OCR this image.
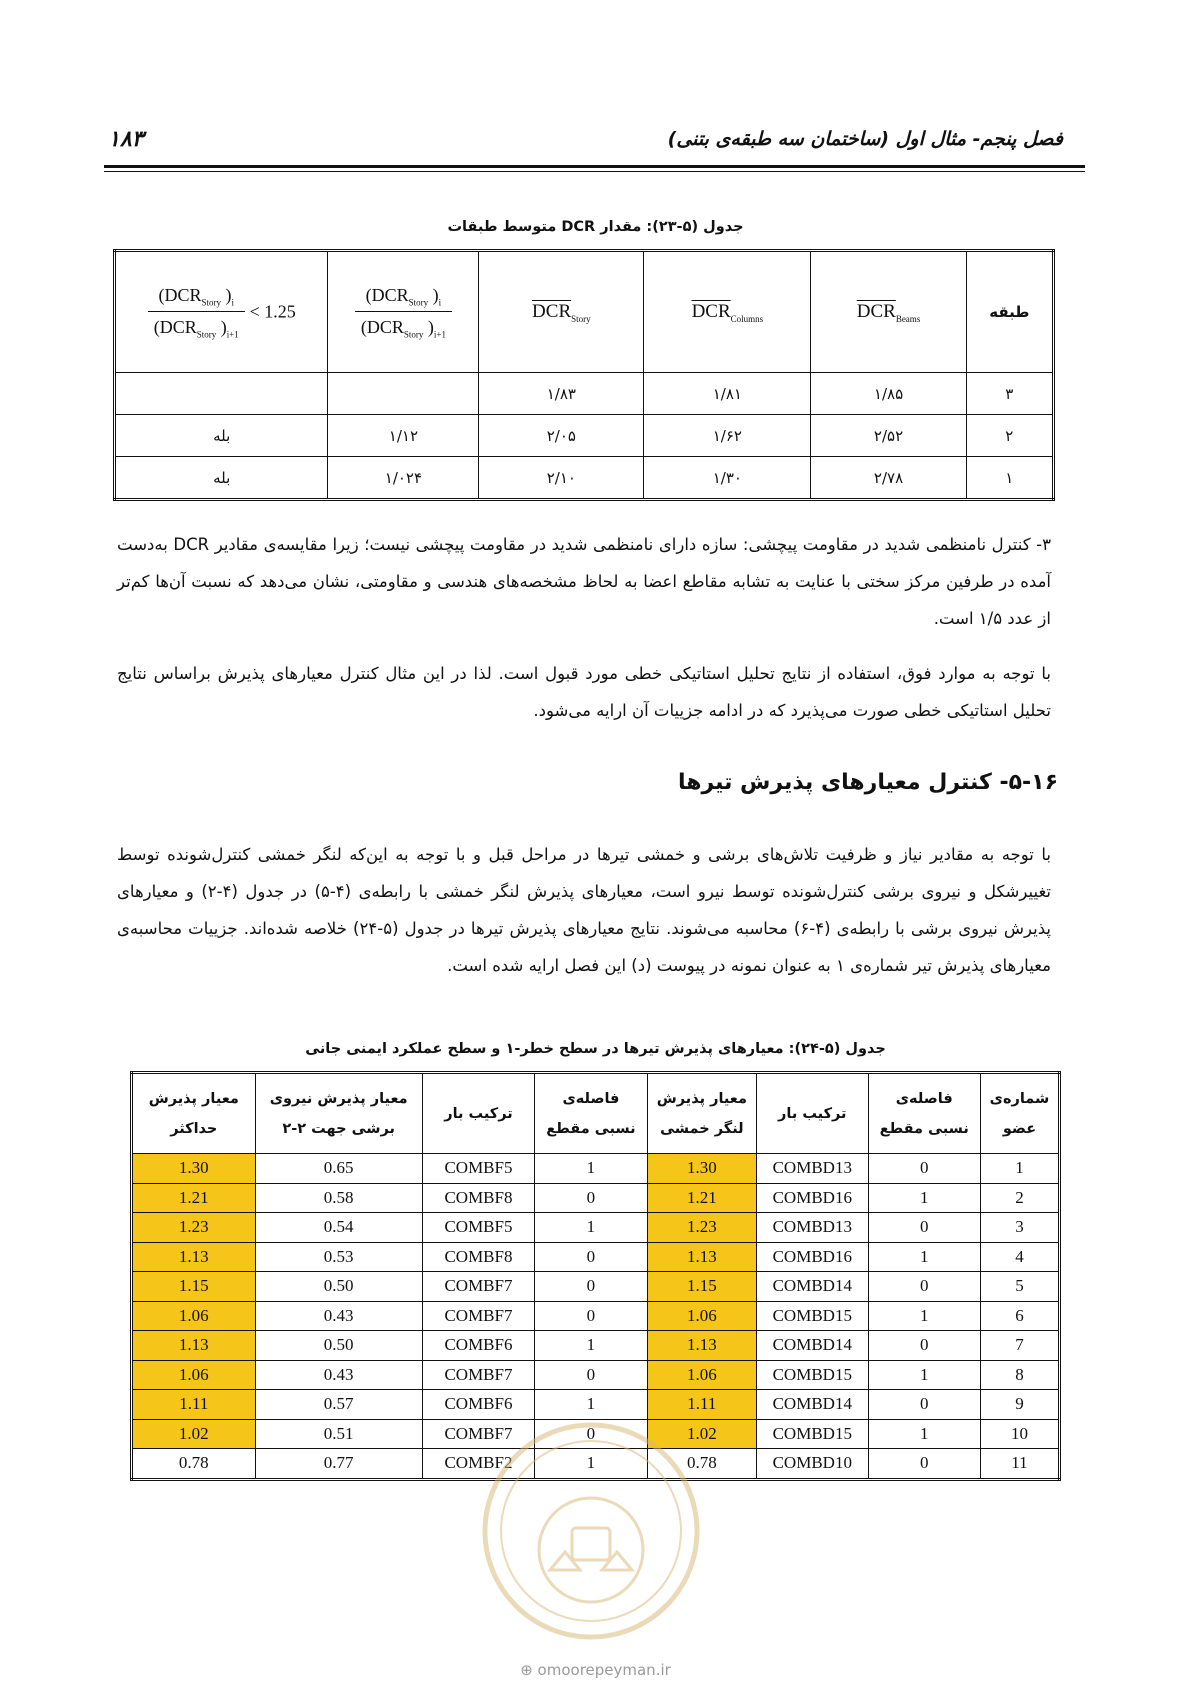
فصل پنجم- مثال اول (ساختمان سه طبقه‌ی بتنی)
۱۸۳
جدول (۵-۲۳): مقدار DCR متوسط طبقات
$\frac{(DCR_{Story} )_i}{(DCR_{Story} )_{i+1}} < 1.25$	$\frac{(DCR_{Story} )_i}{(DCR_{Story} )_{i+1}}$	$\overline{DCR}_{Story}$	$\overline{DCR}_{Columns}$	$\overline{DCR}_{Beams}$	طبقه
		۱/۸۳	۱/۸۱	۱/۸۵	۳
بله	۱/۱۲	۲/۰۵	۱/۶۲	۲/۵۲	۲
بله	۱/۰۲۴	۲/۱۰	۱/۳۰	۲/۷۸	۱
۳- کنترل نامنظمی شدید در مقاومت پیچشی: سازه دارای نامنظمی شدید در مقاومت پیچشی نیست؛ زیرا مقایسه‌ی مقادیر DCR به‌دست آمده در طرفین مرکز سختی با عنایت به تشابه مقاطع اعضا به لحاظ مشخصه‌های هندسی و مقاومتی، نشان می‌دهد که نسبت آن‌ها کم‌تر از عدد ۱/۵ است.
با توجه به موارد فوق، استفاده از نتایج تحلیل استاتیکی خطی مورد قبول است. لذا در این مثال کنترل معیارهای پذیرش براساس نتایج تحلیل استاتیکی خطی صورت می‌پذیرد که در ادامه جزییات آن ارایه می‌شود.
۵-۱۶- کنترل معیارهای پذیرش تیرها
با توجه به مقادیر نیاز و ظرفیت تلاش‌های برشی و خمشی تیرها در مراحل قبل و با توجه به این‌که لنگر خمشی کنترل‌شونده توسط تغییرشکل و نیروی برشی کنترل‌شونده توسط نیرو است، معیارهای پذیرش لنگر خمشی با رابطه‌ی (۴-۵) در جدول (۴-۲) و معیارهای پذیرش نیروی برشی با رابطه‌ی (۴-۶) محاسبه می‌شوند. نتایج معیارهای پذیرش تیرها در جدول (۵-۲۴) خلاصه شده‌اند. جزییات محاسبه‌ی معیارهای پذیرش تیر شماره‌ی ۱ به عنوان نمونه در پیوست (د) این فصل ارایه شده است.
جدول (۵-۲۴): معیارهای پذیرش تیرها در سطح خطر-۱ و سطح عملکرد ایمنی جانی
معیار پذیرش
حداکثر	معیار پذیرش نیروی
برشی جهت ۲-۲	ترکیب بار	فاصله‌ی
نسبی مقطع	معیار پذیرش
لنگر خمشی	ترکیب بار	فاصله‌ی
نسبی مقطع	شماره‌ی
عضو
1.30	0.65	COMBF5	1	1.30	COMBD13	0	1
1.21	0.58	COMBF8	0	1.21	COMBD16	1	2
1.23	0.54	COMBF5	1	1.23	COMBD13	0	3
1.13	0.53	COMBF8	0	1.13	COMBD16	1	4
1.15	0.50	COMBF7	0	1.15	COMBD14	0	5
1.06	0.43	COMBF7	0	1.06	COMBD15	1	6
1.13	0.50	COMBF6	1	1.13	COMBD14	0	7
1.06	0.43	COMBF7	0	1.06	COMBD15	1	8
1.11	0.57	COMBF6	1	1.11	COMBD14	0	9
1.02	0.51	COMBF7	0	1.02	COMBD15	1	10
0.78	0.77	COMBF2	1	0.78	COMBD10	0	11
⊕ omoorepeyman.ir
